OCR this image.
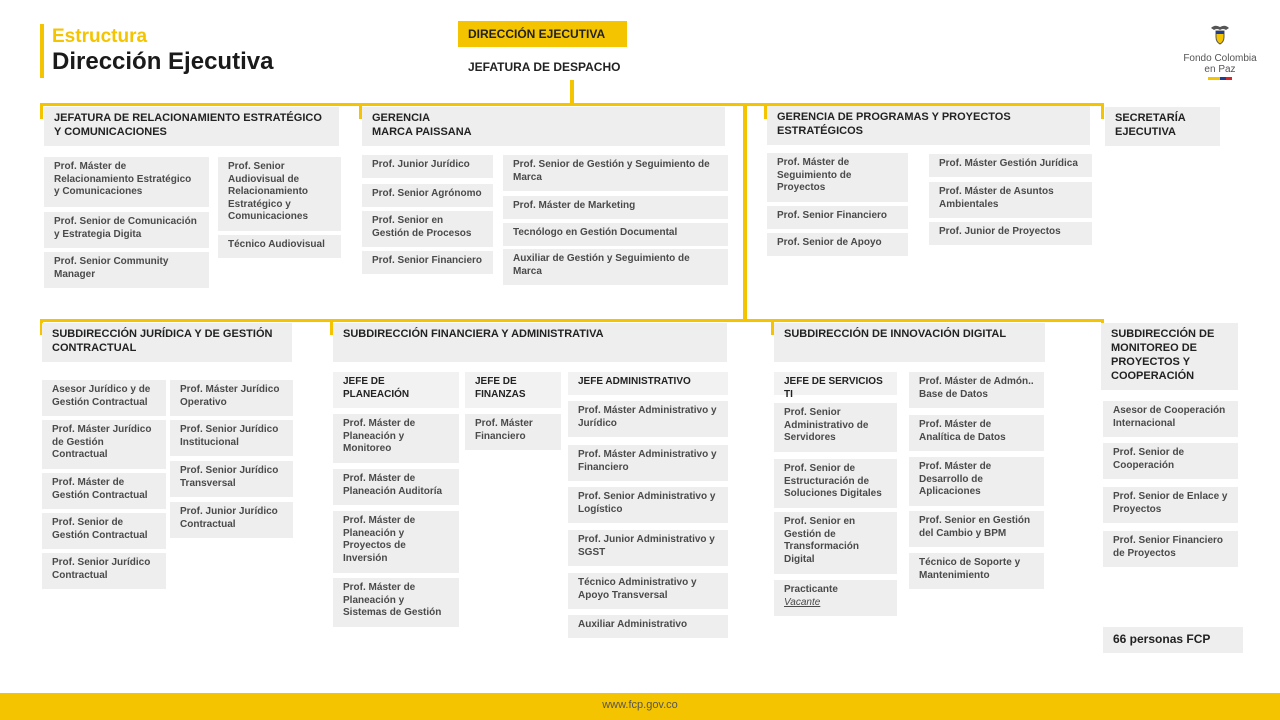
Estructura
Dirección Ejecutiva
DIRECCIÓN EJECUTIVA
JEFATURA DE DESPACHO
Fondo Colombia
en Paz
JEFATURA DE RELACIONAMIENTO ESTRATÉGICO Y COMUNICACIONES
Prof. Máster de Relacionamiento Estratégico y Comunicaciones
Prof. Senior de Comunicación y Estrategia Digita
Prof. Senior Community Manager
Prof. Senior Audiovisual de Relacionamiento Estratégico y Comunicaciones
Técnico Audiovisual
GERENCIA
MARCA PAISSANA
Prof. Junior Jurídico
Prof. Senior Agrónomo
Prof. Senior en Gestión de Procesos
Prof. Senior Financiero
Prof. Senior de Gestión y Seguimiento de Marca
Prof. Máster de Marketing
Tecnólogo en Gestión Documental
Auxiliar de Gestión y Seguimiento de Marca
GERENCIA DE PROGRAMAS Y PROYECTOS ESTRATÉGICOS
Prof. Máster de Seguimiento de Proyectos
Prof. Senior Financiero
Prof. Senior de Apoyo
Prof. Máster Gestión Jurídica
Prof. Máster de Asuntos Ambientales
Prof. Junior de Proyectos
SECRETARÍA EJECUTIVA
SUBDIRECCIÓN JURÍDICA Y DE GESTIÓN CONTRACTUAL
Asesor Jurídico y de Gestión Contractual
Prof. Máster Jurídico de Gestión Contractual
Prof. Máster de Gestión Contractual
Prof. Senior de Gestión Contractual
Prof. Senior Jurídico Contractual
Prof. Máster Jurídico Operativo
Prof. Senior Jurídico Institucional
Prof. Senior Jurídico Transversal
Prof. Junior Jurídico Contractual
SUBDIRECCIÓN FINANCIERA Y ADMINISTRATIVA
JEFE DE PLANEACIÓN
Prof. Máster de Planeación y Monitoreo
Prof. Máster de Planeación Auditoría
Prof. Máster de Planeación y Proyectos de Inversión
Prof. Máster de Planeación y Sistemas de Gestión
JEFE DE FINANZAS
Prof. Máster Financiero
JEFE ADMINISTRATIVO
Prof. Máster Administrativo y Jurídico
Prof. Máster Administrativo y Financiero
Prof. Senior Administrativo y Logístico
Prof. Junior Administrativo y SGST
Técnico Administrativo y Apoyo Transversal
Auxiliar Administrativo
SUBDIRECCIÓN DE INNOVACIÓN DIGITAL
JEFE DE SERVICIOS TI
Prof. Senior Administrativo de Servidores
Prof. Senior de Estructuración de Soluciones Digitales
Prof. Senior en Gestión de Transformación Digital
Practicante
Vacante
Prof. Máster de Admón.. Base de Datos
Prof. Máster de Analítica de Datos
Prof. Máster de Desarrollo de Aplicaciones
Prof. Senior en Gestión del Cambio y BPM
Técnico de Soporte y Mantenimiento
SUBDIRECCIÓN DE MONITOREO DE PROYECTOS Y COOPERACIÓN
Asesor de Cooperación Internacional
Prof. Senior de Cooperación
Prof. Senior de Enlace y Proyectos
Prof. Senior Financiero de Proyectos
66 personas FCP
www.fcp.gov.co
